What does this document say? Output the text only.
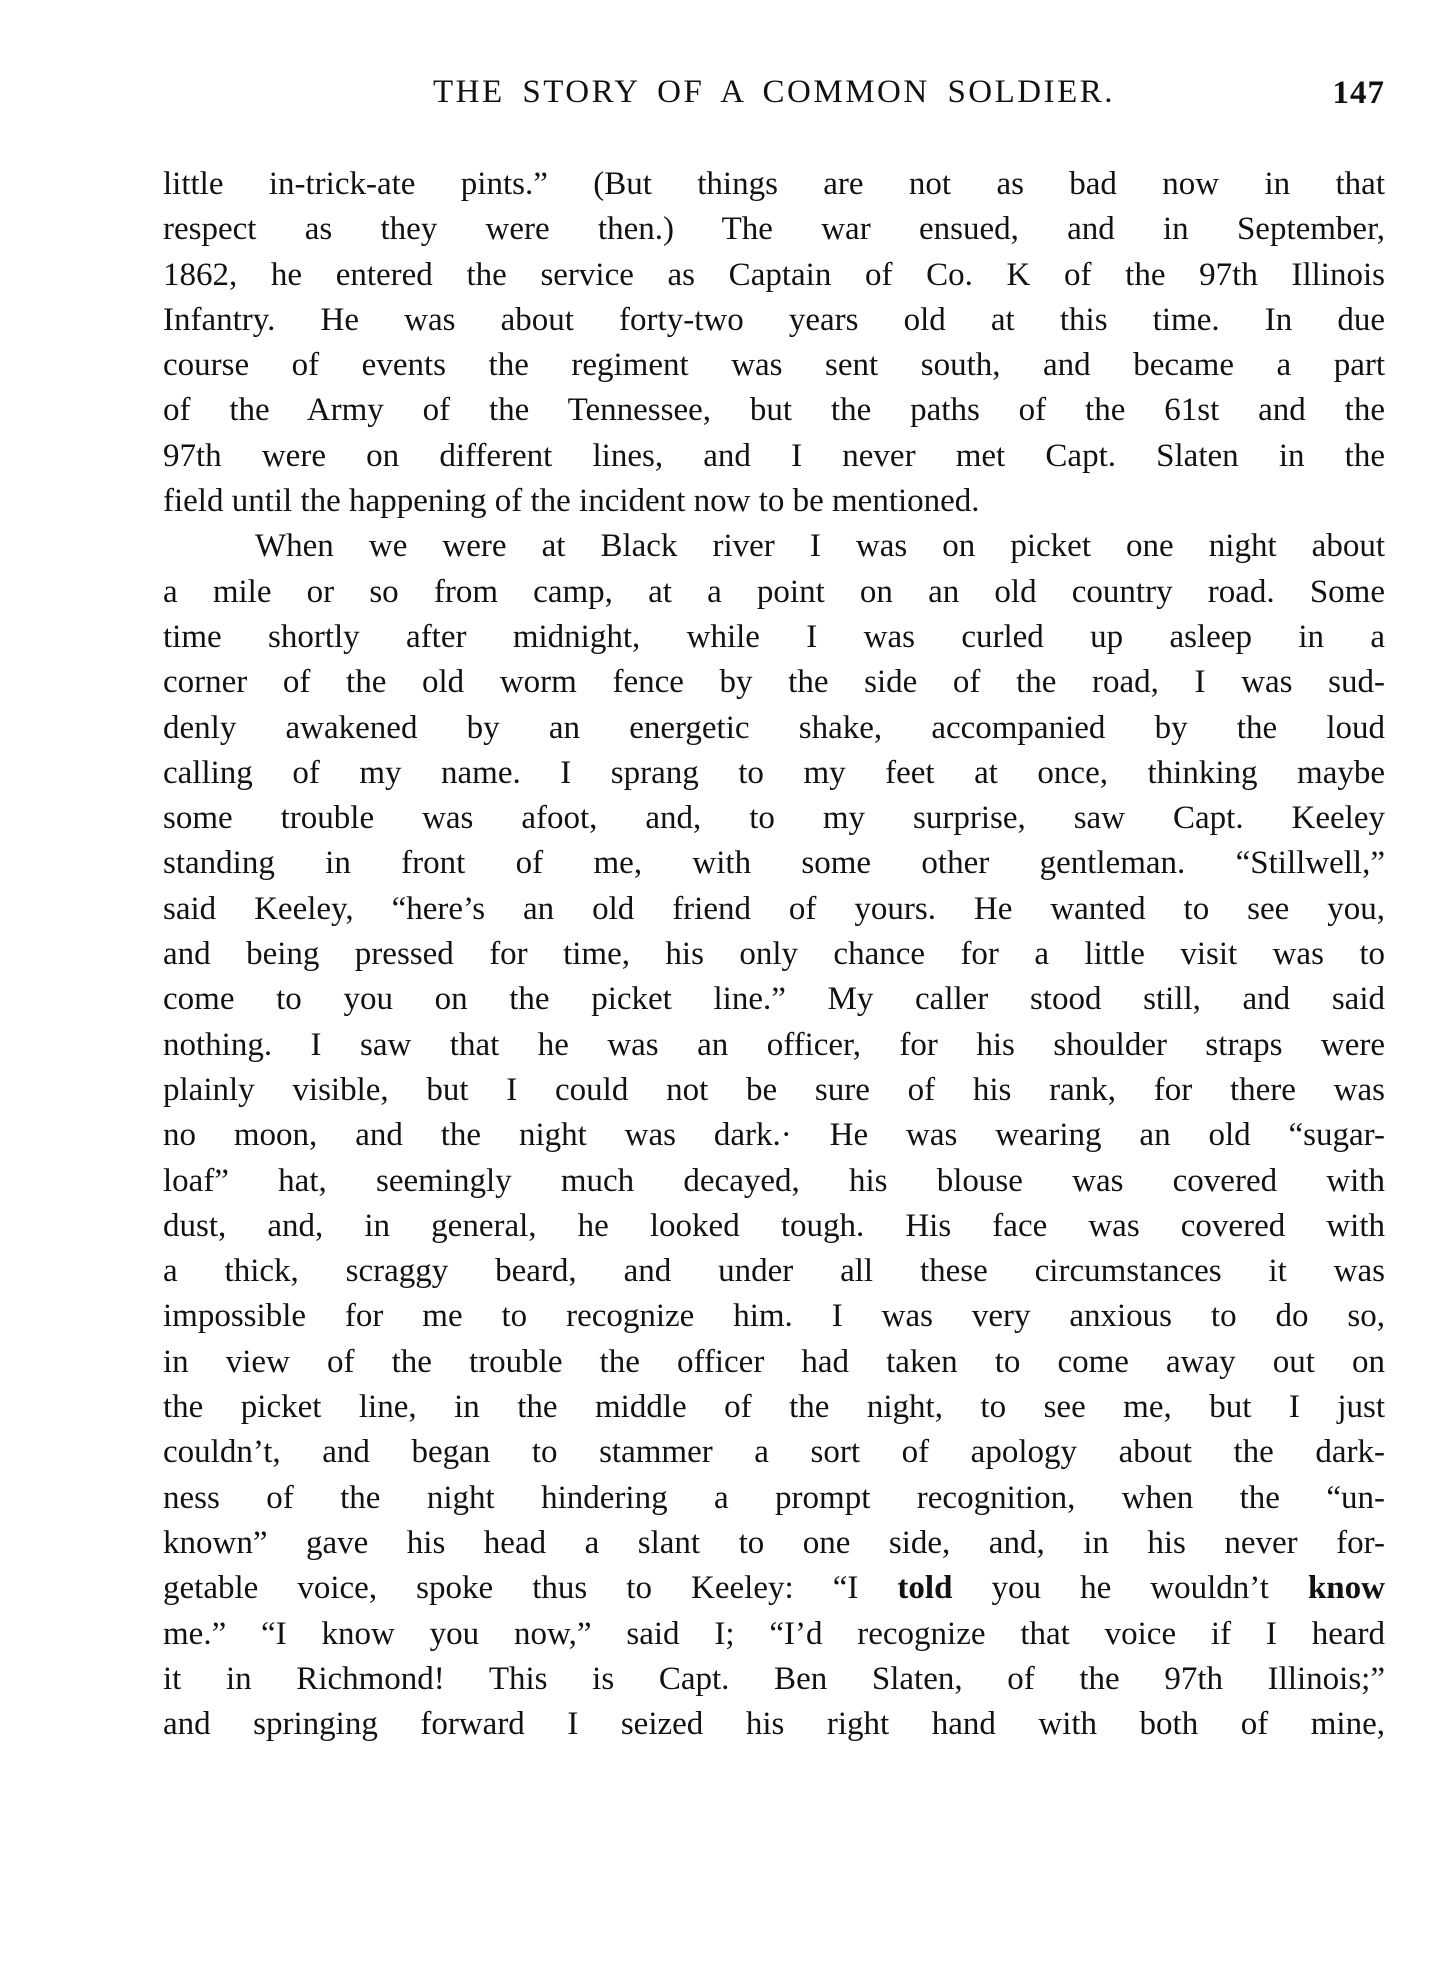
THE STORY OF A COMMON SOLDIER.	147
little in-trick-ate pints.” (But things are not as bad now in that
respect as they were then.) The war ensued, and in September,
1862, he entered the service as Captain of Co. K of the 97th Illinois
Infantry. He was about forty-two years old at this time. In due
course of events the regiment was sent south, and became a part
of the Army of the Tennessee, but the paths of the 61st and the
97th were on different lines, and I never met Capt. Slaten in the
field until the happening of the incident now to be mentioned.
When we were at Black river I was on picket one night about
a mile or so from camp, at a point on an old country road. Some
time shortly after midnight, while I was curled up asleep in a
corner of the old worm fence by the side of the road, I was sud-
denly awakened by an energetic shake, accompanied by the loud
calling of my name. I sprang to my feet at once, thinking maybe
some trouble was afoot, and, to my surprise, saw Capt. Keeley
standing in front of me, with some other gentleman. “Stillwell,”
said Keeley, “here’s an old friend of yours. He wanted to see you,
and being pressed for time, his only chance for a little visit was to
come to you on the picket line.” My caller stood still, and said
nothing. I saw that he was an officer, for his shoulder straps were
plainly visible, but I could not be sure of his rank, for there was
no moon, and the night was dark.· He was wearing an old “sugar-
loaf” hat, seemingly much decayed, his blouse was covered with
dust, and, in general, he looked tough. His face was covered with
a thick, scraggy beard, and under all these circumstances it was
impossible for me to recognize him. I was very anxious to do so,
in view of the trouble the officer had taken to come away out on
the picket line, in the middle of the night, to see me, but I just
couldn’t, and began to stammer a sort of apology about the dark-
ness of the night hindering a prompt recognition, when the “un-
known” gave his head a slant to one side, and, in his never for-
getable voice, spoke thus to Keeley: “I told you he wouldn’t know
me.” “I know you now,” said I; “I’d recognize that voice if I heard
it in Richmond! This is Capt. Ben Slaten, of the 97th Illinois;”
and springing forward I seized his right hand with both of mine,
